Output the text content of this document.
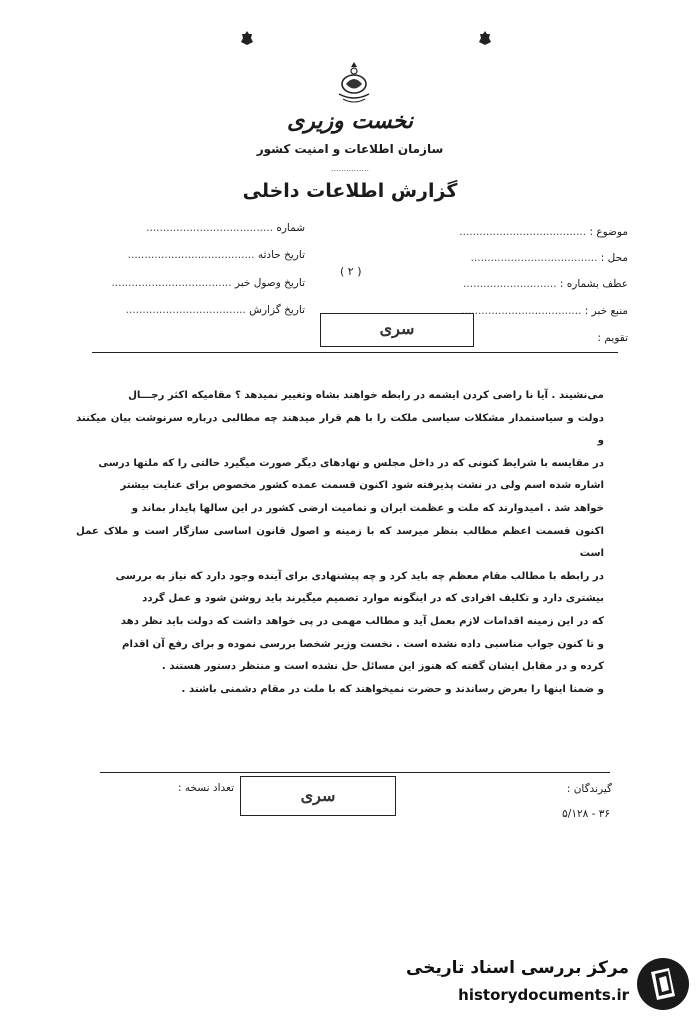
نخست وزیری
سازمان اطلاعات و امنیت کشور
...............
گزارش اطلاعات داخلی
موضوع : ......................................
محل : ......................................
عطف بشماره : ............................
منبع خبر : ....................................
تقویم :
شماره ......................................
تاریخ حادثه ......................................
تاریخ وصول خبر ....................................
تاریخ گزارش ....................................
( ۲ )
سری

می‌نشیند . آیا نا راضی کردن ایشمه در رابطه خواهند بشاه وتغییر نمیدهد ؟ مقامیکه اکثر رجـــال

دولت و سیاستمدار مشکلات سیاسی ملکت را با هم قرار میدهند چه مطالبی درباره سرنوشت بیان میکنند و

در مقایسه با شرایط کنونی که در داخل مجلس و نهادهای دیگر صورت میگیرد حالتی را که ملتها درسی

اشاره شده اسم ولی در نشت پذیرفته شود اکنون قسمت عمده کشور مخصوص برای عنایت بیشتر

خواهد شد . امیدوارند که ملت و عظمت ایران و تمامیت ارضی کشور در این سالها پایدار بماند و

اکنون قسمت اعظم مطالب بنظر میرسد که با زمینه و اصول قانون اساسی سازگار است و ملاک عمل است

در رابطه با مطالب مقام معظم چه باید کرد و چه پیشنهادی برای آینده وجود دارد که نیاز به بررسی

بیشتری دارد و تکلیف افرادی که در اینگونه موارد تصمیم میگیرند باید روشن شود و عمل گردد

که در این زمینه اقدامات لازم بعمل آید و مطالب مهمی در پی خواهد داشت که دولت باید نظر دهد

و تا کنون جواب مناسبی داده نشده است . نخست وزیر شخصا بررسی نموده و برای رفع آن اقدام

کرده و در مقابل ایشان گفته که هنوز این مسائل حل نشده است و منتظر دستور هستند .

و ضمنا اینها را بعرض رساندند و حضرت نمیخواهند که با ملت در مقام دشمنی باشند .

گیرندگان :
۳۶ - ۵/۱۲۸
تعداد نسخه :	سری
مرکز بررسی اسناد تاریخی
historydocuments.ir
